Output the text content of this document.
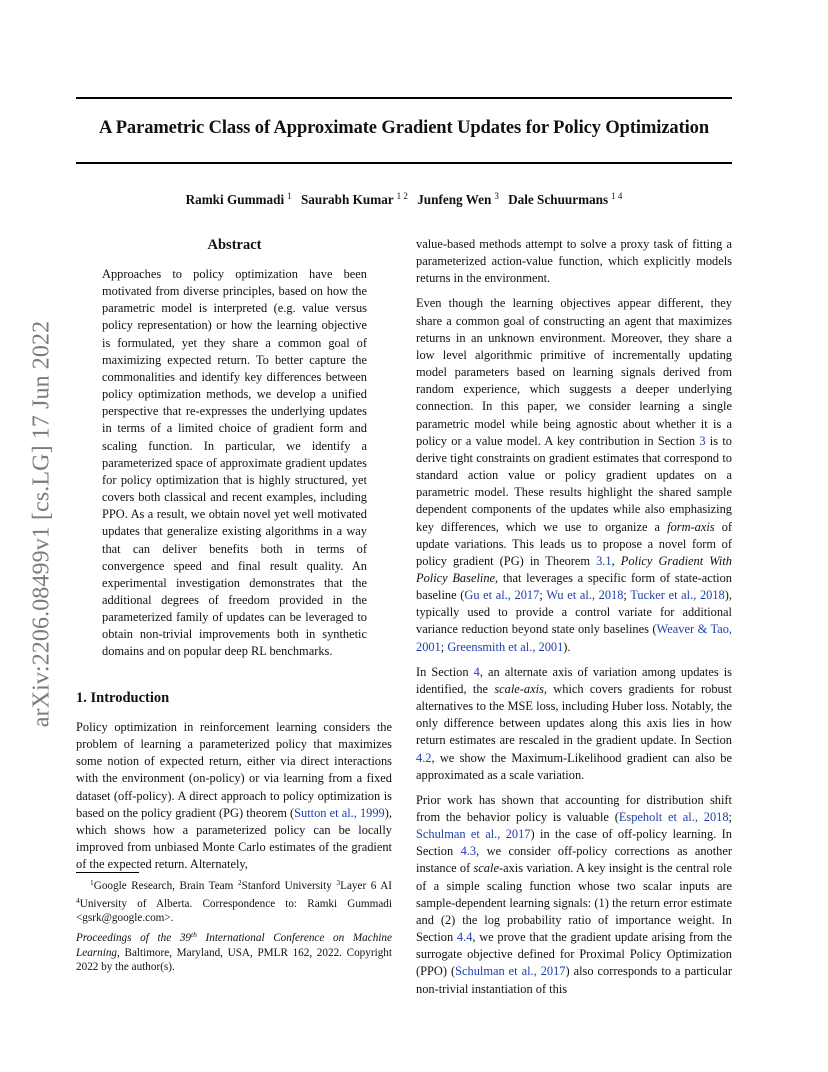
A Parametric Class of Approximate Gradient Updates for Policy Optimization
Ramki Gummadi $^1$ Saurabh Kumar $^{1 2}$ Junfeng Wen $^3$ Dale Schuurmans $^{1 4}$
arXiv:2206.08499v1 [cs.LG] 17 Jun 2022
Abstract

Approaches to policy optimization have been motivated from diverse principles, based on how the parametric model is interpreted (e.g. value versus policy representation) or how the learning objective is formulated, yet they share a common goal of maximizing expected return. To better capture the commonalities and identify key differences between policy optimization methods, we develop a unified perspective that re-expresses the underlying updates in terms of a limited choice of gradient form and scaling function. In particular, we identify a parameterized space of approximate gradient updates for policy optimization that is highly structured, yet covers both classical and recent examples, including PPO. As a result, we obtain novel yet well motivated updates that generalize existing algorithms in a way that can deliver benefits both in terms of convergence speed and final result quality. An experimental investigation demonstrates that the additional degrees of freedom provided in the parameterized family of updates can be leveraged to obtain non-trivial improvements both in synthetic domains and on popular deep RL benchmarks.

1. Introduction

Policy optimization in reinforcement learning considers the problem of learning a parameterized policy that maximizes some notion of expected return, either via direct interactions with the environment (on-policy) or via learning from a fixed dataset (off-policy). A direct approach to policy optimization is based on the policy gradient (PG) theorem (Sutton et al., 1999), which shows how a parameterized policy can be locally improved from unbiased Monte Carlo estimates of the gradient of the expected return. Alternately,

$^1$Google Research, Brain Team $^2$Stanford University $^3$Layer 6 AI $^4$University of Alberta. Correspondence to: Ramki Gummadi <gsrk@google.com>.
Proceedings of the 39th International Conference on Machine Learning, Baltimore, Maryland, USA, PMLR 162, 2022. Copyright 2022 by the author(s).

value-based methods attempt to solve a proxy task of fitting a parameterized action-value function, which explicitly models returns in the environment.

Even though the learning objectives appear different, they share a common goal of constructing an agent that maximizes returns in an unknown environment. Moreover, they share a low level algorithmic primitive of incrementally updating model parameters based on learning signals derived from random experience, which suggests a deeper underlying connection. In this paper, we consider learning a single parametric model while being agnostic about whether it is a policy or a value model. A key contribution in Section 3 is to derive tight constraints on gradient estimates that correspond to standard action value or policy gradient updates on a parametric model. These results highlight the shared sample dependent components of the updates while also emphasizing key differences, which we use to organize a form-axis of update variations. This leads us to propose a novel form of policy gradient (PG) in Theorem 3.1, Policy Gradient With Policy Baseline, that leverages a specific form of state-action baseline (Gu et al., 2017; Wu et al., 2018; Tucker et al., 2018), typically used to provide a control variate for additional variance reduction beyond state only baselines (Weaver & Tao, 2001; Greensmith et al., 2001).

In Section 4, an alternate axis of variation among updates is identified, the scale-axis, which covers gradients for robust alternatives to the MSE loss, including Huber loss. Notably, the only difference between updates along this axis lies in how return estimates are rescaled in the gradient update. In Section 4.2, we show the Maximum-Likelihood gradient can also be approximated as a scale variation.

Prior work has shown that accounting for distribution shift from the behavior policy is valuable (Espeholt et al., 2018; Schulman et al., 2017) in the case of off-policy learning. In Section 4.3, we consider off-policy corrections as another instance of scale-axis variation. A key insight is the central role of a simple scaling function whose two scalar inputs are sample-dependent learning signals: (1) the return error estimate and (2) the log probability ratio of importance weight. In Section 4.4, we prove that the gradient update arising from the surrogate objective defined for Proximal Policy Optimization (PPO) (Schulman et al., 2017) also corresponds to a particular non-trivial instantiation of this
